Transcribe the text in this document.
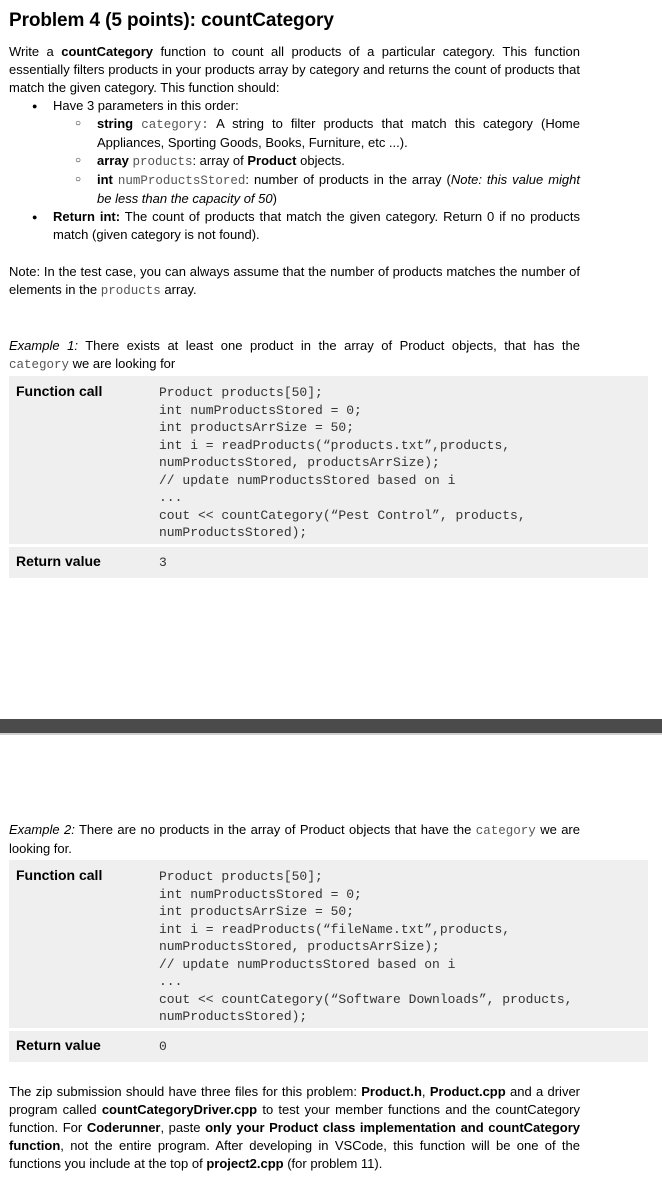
Problem 4 (5 points): countCategory
Write a countCategory function to count all products of a particular category. This function essentially filters products in your products array by category and returns the count of products that match the given category. This function should:
● Have 3 parameters in this order:
○ string category: A string to filter products that match this category (Home Appliances, Sporting Goods, Books, Furniture, etc ...).
○ array products: array of Product objects.
○ int numProductsStored: number of products in the array (Note: this value might be less than the capacity of 50)
● Return int: The count of products that match the given category. Return 0 if no products match (given category is not found).
Note: In the test case, you can always assume that the number of products matches the number of elements in the products array.
Example 1: There exists at least one product in the array of Product objects, that has the category we are looking for
Function call	Product products[50];
int numProductsStored = 0;
int productsArrSize = 50;
int i = readProducts(“products.txt”,products,
numProductsStored, productsArrSize);
// update numProductsStored based on i
...
cout << countCategory(“Pest Control”, products,
numProductsStored);
Return value	3
Example 2: There are no products in the array of Product objects that have the category we are looking for.
Function call	Product products[50];
int numProductsStored = 0;
int productsArrSize = 50;
int i = readProducts(“fileName.txt”,products,
numProductsStored, productsArrSize);
// update numProductsStored based on i
...
cout << countCategory(“Software Downloads”, products,
numProductsStored);
Return value	0
The zip submission should have three files for this problem: Product.h, Product.cpp and a driver program called countCategoryDriver.cpp to test your member functions and the countCategory function. For Coderunner, paste only your Product class implementation and countCategory function, not the entire program. After developing in VSCode, this function will be one of the functions you include at the top of project2.cpp (for problem 11).
